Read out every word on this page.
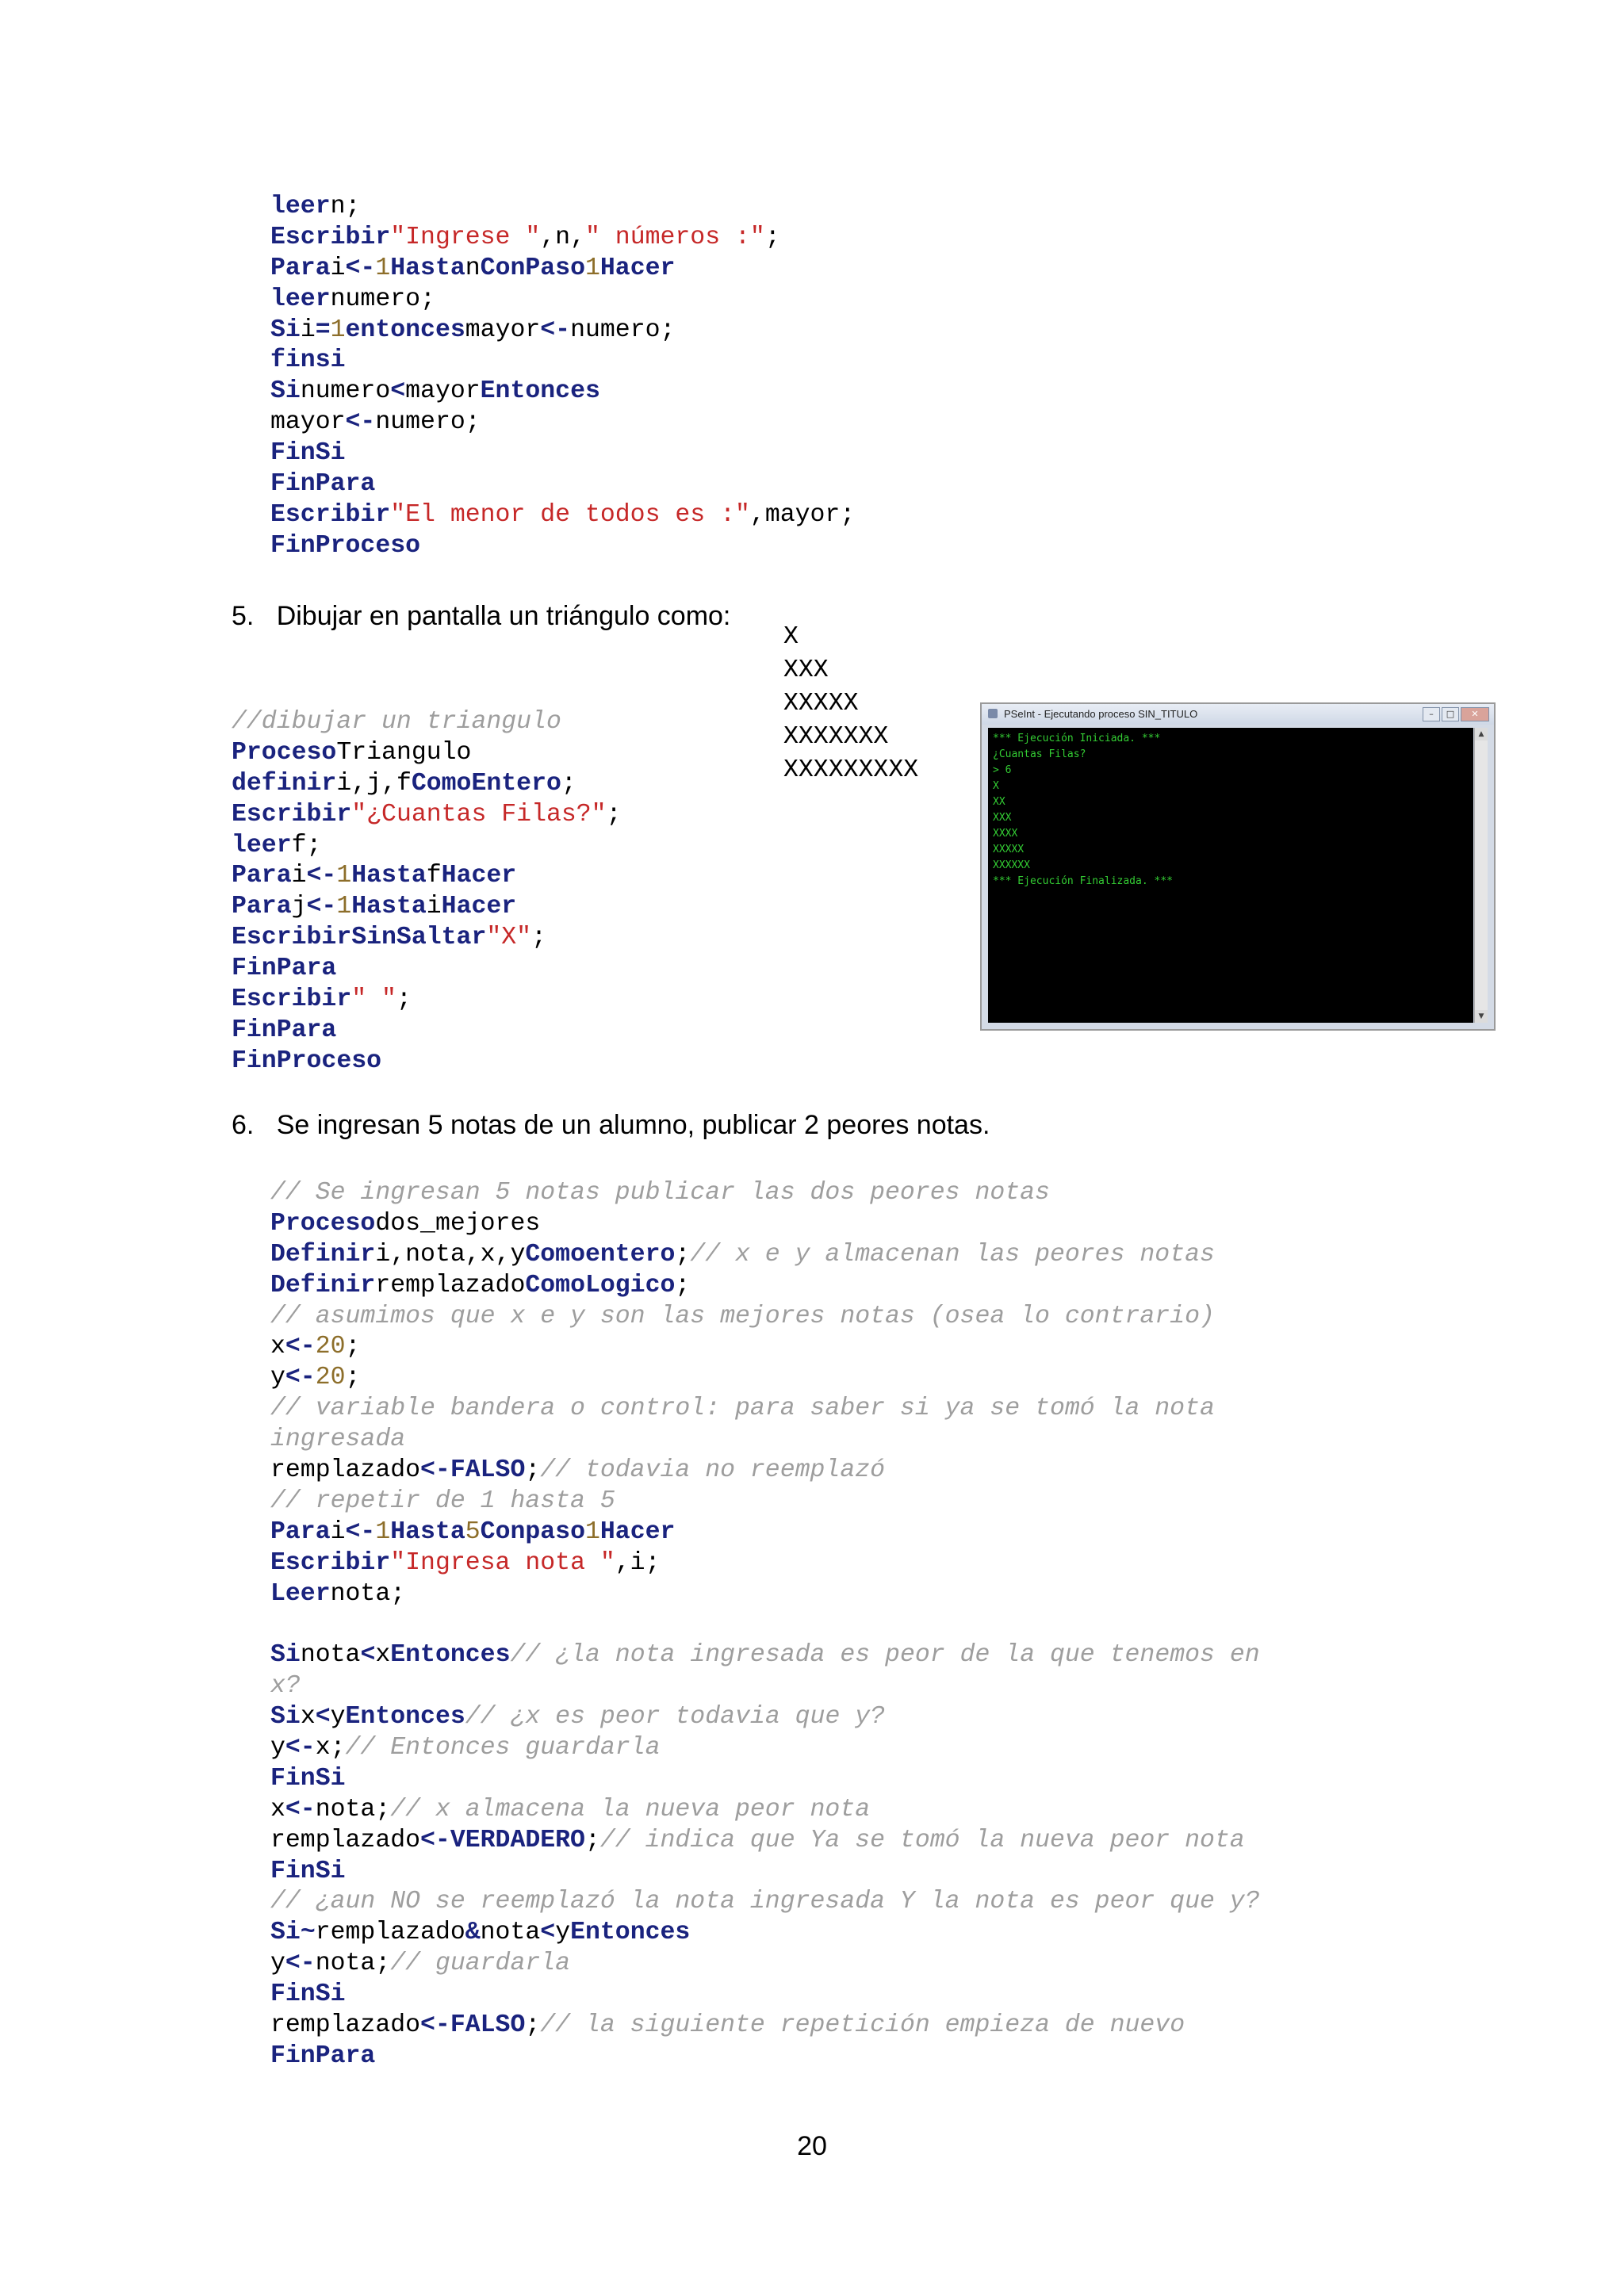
leern;
Escribir"Ingrese ",n," números :";
Parai<-1HastanConPaso1Hacer
leernumero;
Sii=1entoncesmayor<-numero;
finsi
Sinumero<mayorEntonces
mayor<-numero;
FinSi
FinPara
Escribir"El menor de todos es :",mayor;
FinProceso
5.   Dibujar en pantalla un triángulo como:
X
XXX
XXXXX
XXXXXXX
XXXXXXXXX
//dibujar un triangulo
ProcesoTriangulo
definiri,j,fComoEntero;
Escribir"¿Cuantas Filas?";
leerf;
Parai<-1HastafHacer
Paraj<-1HastaiHacer
EscribirSinSaltar"X";
FinPara
Escribir" ";
FinPara
FinProceso
PSeInt - Ejecutando proceso SIN_TITULO	–	□	✕
*** Ejecución Iniciada. ***
¿Cuantas Filas?
> 6
X
XX
XXX
XXXX
XXXXX
XXXXXX
*** Ejecución Finalizada. ***
▲
▼
6.   Se ingresan 5 notas de un alumno, publicar 2 peores notas.
// Se ingresan 5 notas publicar las dos peores notas
Procesodos_mejores
Definiri,nota,x,yComoentero;// x e y almacenan las peores notas
DefinirremplazadoComoLogico;
// asumimos que x e y son las mejores notas (osea lo contrario)
x<-20;
y<-20;
// variable bandera o control: para saber si ya se tomó la nota
ingresada
remplazado<-FALSO;// todavia no reemplazó
// repetir de 1 hasta 5
Parai<-1Hasta5Conpaso1Hacer
Escribir"Ingresa nota ",i;
Leernota;
Sinota<xEntonces// ¿la nota ingresada es peor de la que tenemos en
x?
Six<yEntonces// ¿x es peor todavia que y?
y<-x;// Entonces guardarla
FinSi
x<-nota;// x almacena la nueva peor nota
remplazado<-VERDADERO;// indica que Ya se tomó la nueva peor nota
FinSi
// ¿aun NO se reemplazó la nota ingresada Y la nota es peor que y?
Si~remplazado&nota<yEntonces
y<-nota;// guardarla
FinSi
remplazado<-FALSO;// la siguiente repetición empieza de nuevo
FinPara
20
